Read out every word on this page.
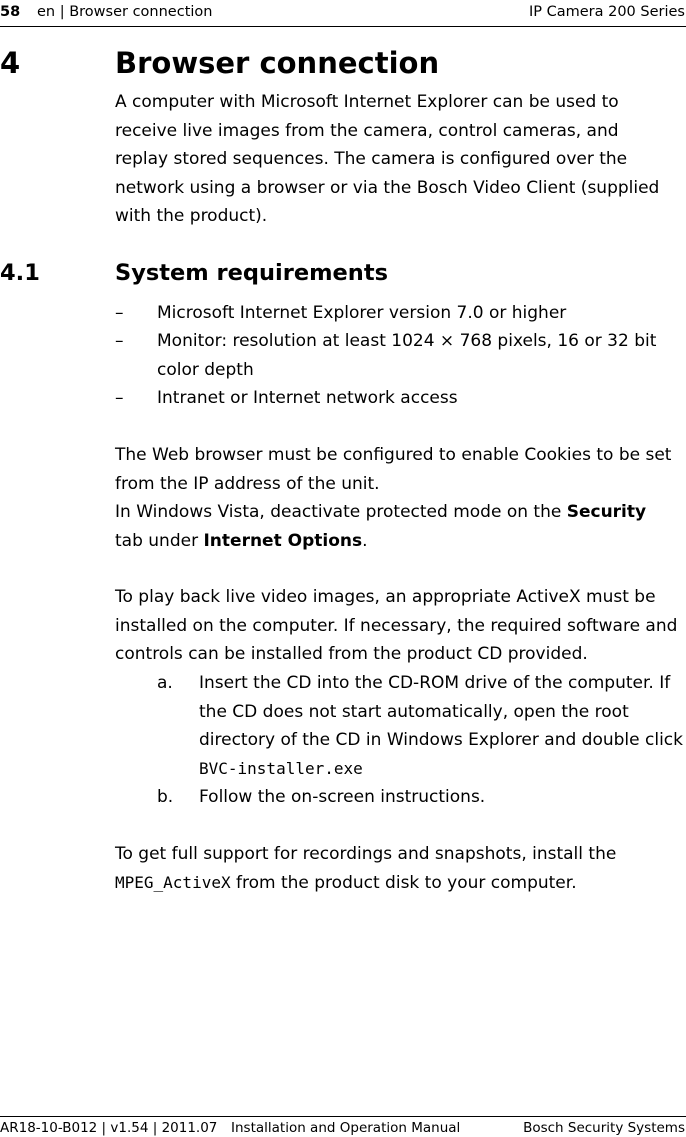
58 en | Browser connection	IP Camera 200 Series
4	Browser connection
A computer with Microsoft Internet Explorer can be used to receive live images from the camera, control cameras, and replay stored sequences. The camera is configured over the network using a browser or via the Bosch Video Client (supplied with the product).
4.1	System requirements
– Microsoft Internet Explorer version 7.0 or higher
– Monitor: resolution at least 1024 × 768 pixels, 16 or 32 bit color depth
– Intranet or Internet network access
The Web browser must be configured to enable Cookies to be set from the IP address of the unit.
In Windows Vista, deactivate protected mode on the Security tab under Internet Options.
To play back live video images, an appropriate ActiveX must be installed on the computer. If necessary, the required software and controls can be installed from the product CD provided.
a. Insert the CD into the CD-ROM drive of the computer. If the CD does not start automatically, open the root directory of the CD in Windows Explorer and double click BVC-installer.exe
b. Follow the on-screen instructions.
To get full support for recordings and snapshots, install the MPEG_ActiveX from the product disk to your computer.
AR18-10-B012 | v1.54 | 2011.07 Installation and Operation Manual	Bosch Security Systems
